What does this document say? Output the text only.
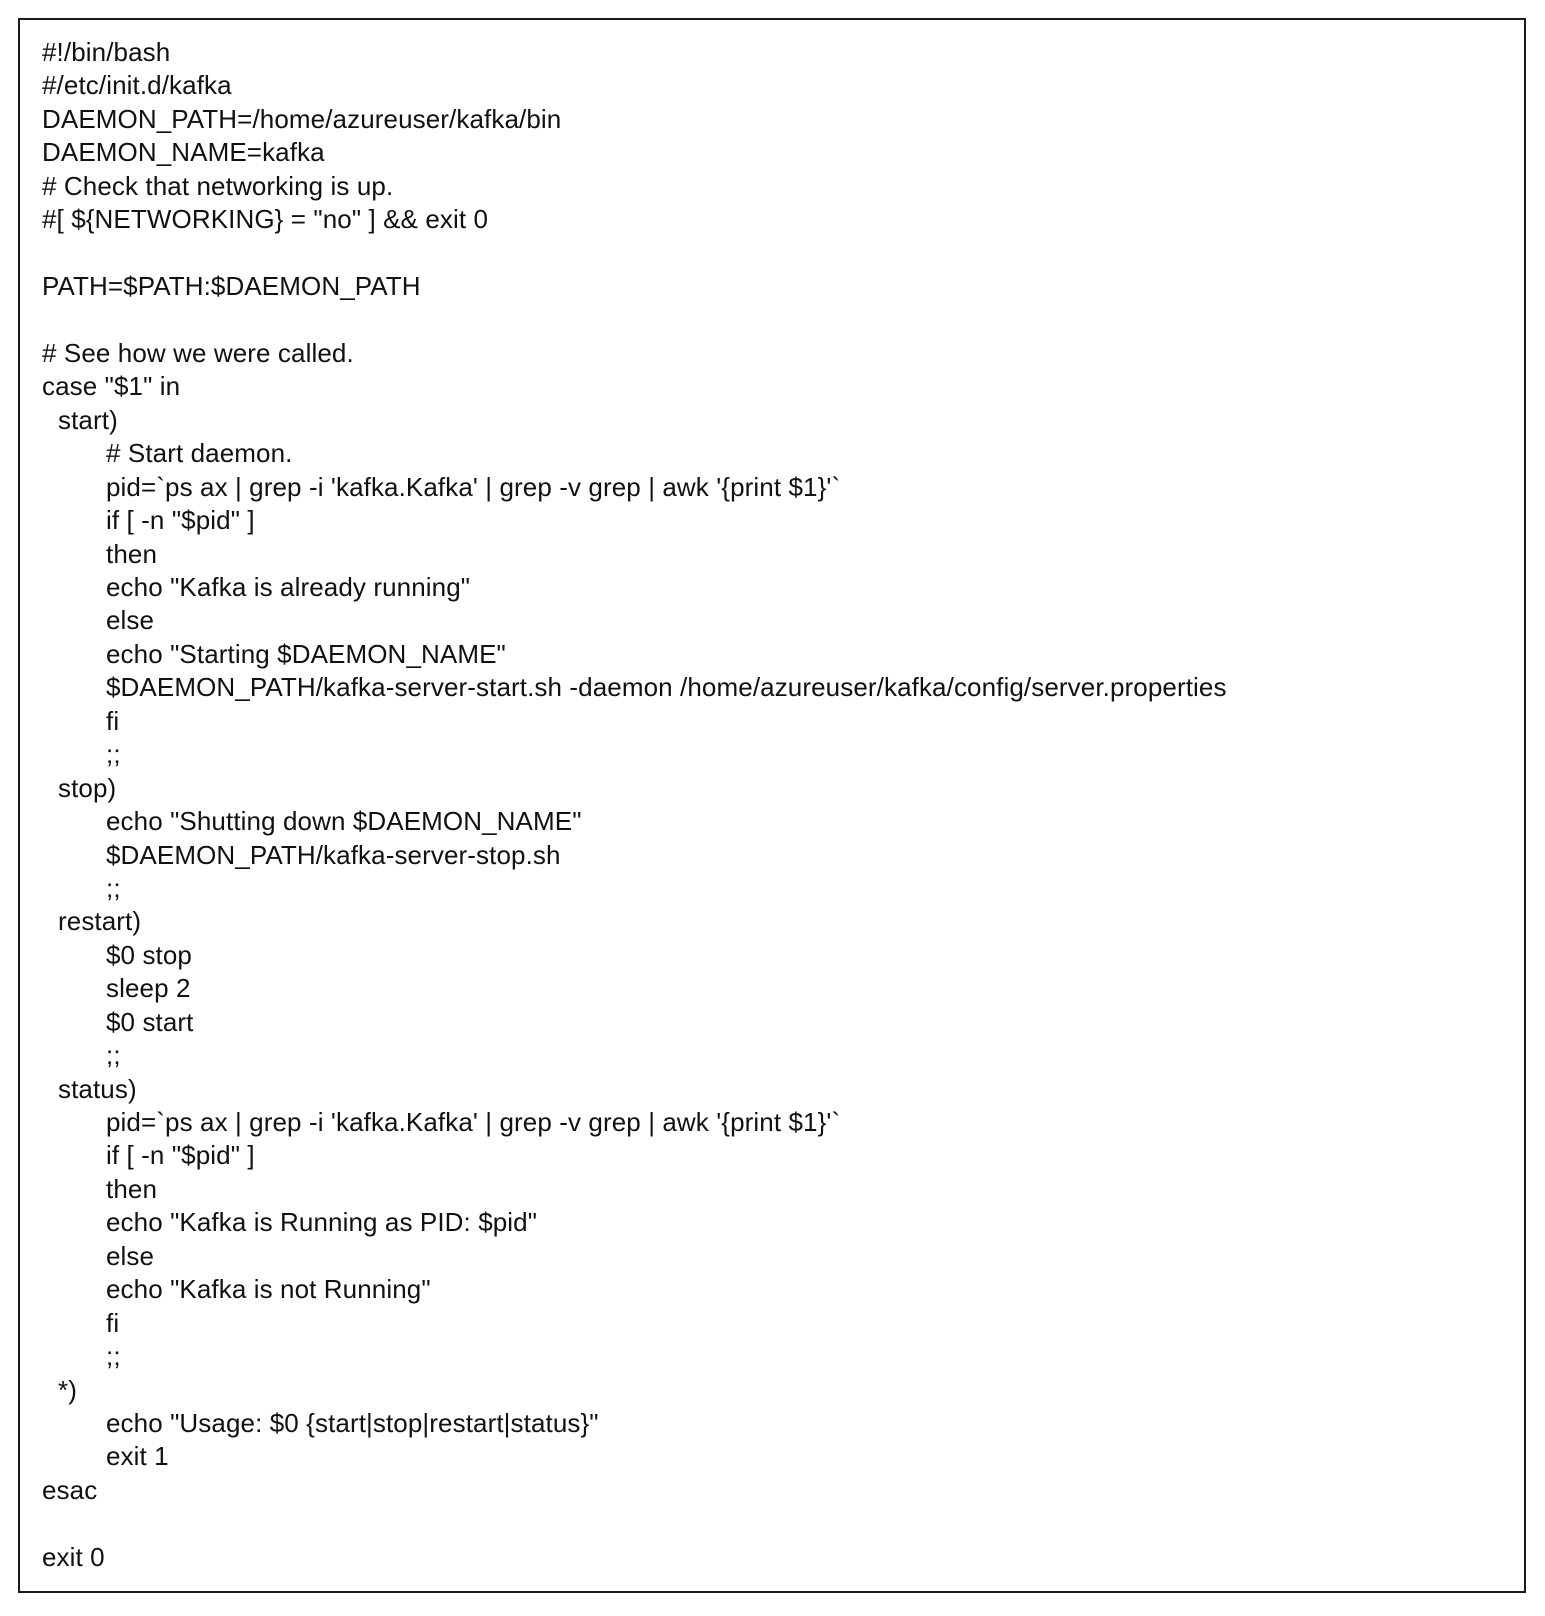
#!/bin/bash
#/etc/init.d/kafka
DAEMON_PATH=/home/azureuser/kafka/bin
DAEMON_NAME=kafka
# Check that networking is up.
#[ ${NETWORKING} = "no" ] && exit 0
PATH=$PATH:$DAEMON_PATH
# See how we were called.
case "$1" in
start)
# Start daemon.
pid=`ps ax | grep -i 'kafka.Kafka' | grep -v grep | awk '{print $1}'`
if [ -n "$pid" ]
then
echo "Kafka is already running"
else
echo "Starting $DAEMON_NAME"
$DAEMON_PATH/kafka-server-start.sh -daemon /home/azureuser/kafka/config/server.properties
fi
;;
stop)
echo "Shutting down $DAEMON_NAME"
$DAEMON_PATH/kafka-server-stop.sh
;;
restart)
$0 stop
sleep 2
$0 start
;;
status)
pid=`ps ax | grep -i 'kafka.Kafka' | grep -v grep | awk '{print $1}'`
if [ -n "$pid" ]
then
echo "Kafka is Running as PID: $pid"
else
echo "Kafka is not Running"
fi
;;
*)
echo "Usage: $0 {start|stop|restart|status}"
exit 1
esac
exit 0
